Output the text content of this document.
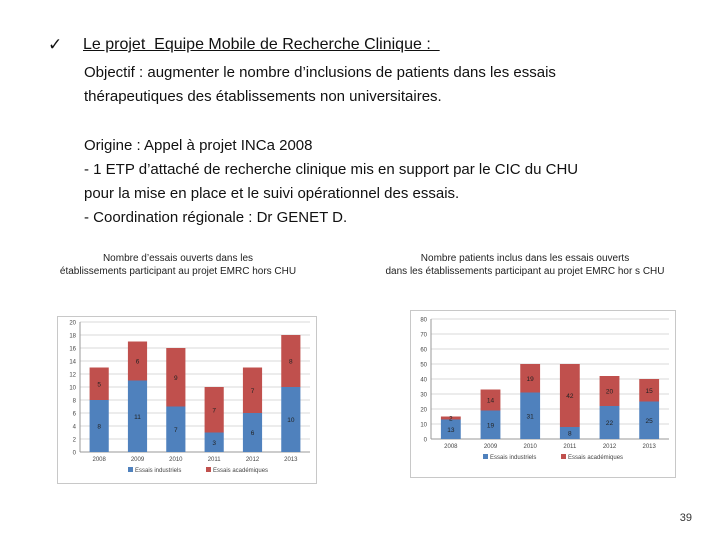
✓ Le projet  Equipe Mobile de Recherche Clinique :
Objectif : augmenter le nombre d’inclusions de patients dans les essais
thérapeutiques des établissements non universitaires.
Origine : Appel à projet INCa 2008
- 1 ETP d’attaché de recherche clinique mis en support par le CIC du CHU
pour la mise en place et le suivi opérationnel des essais.
- Coordination régionale : Dr GENET D.
Nombre d’essais ouverts dans les
établissements participant au projet EMRC hors CHU
Nombre patients inclus dans les essais ouverts
dans les établissements participant au projet EMRC hor s CHU
0
2
4
6
8
10
12
14
16
18
20
8
5
2008
11
6
2009
7
9
2010
3
7
2011
6
7
2012
10
8
2013
Essais industriels	Essais académiques
0
10
20
30
40
50
60
70
80
13
2
2008
19
14
2009
31
19
2010
8
42
2011
22
20
2012
25
15
2013
Essais industriels	Essais académiques
39
